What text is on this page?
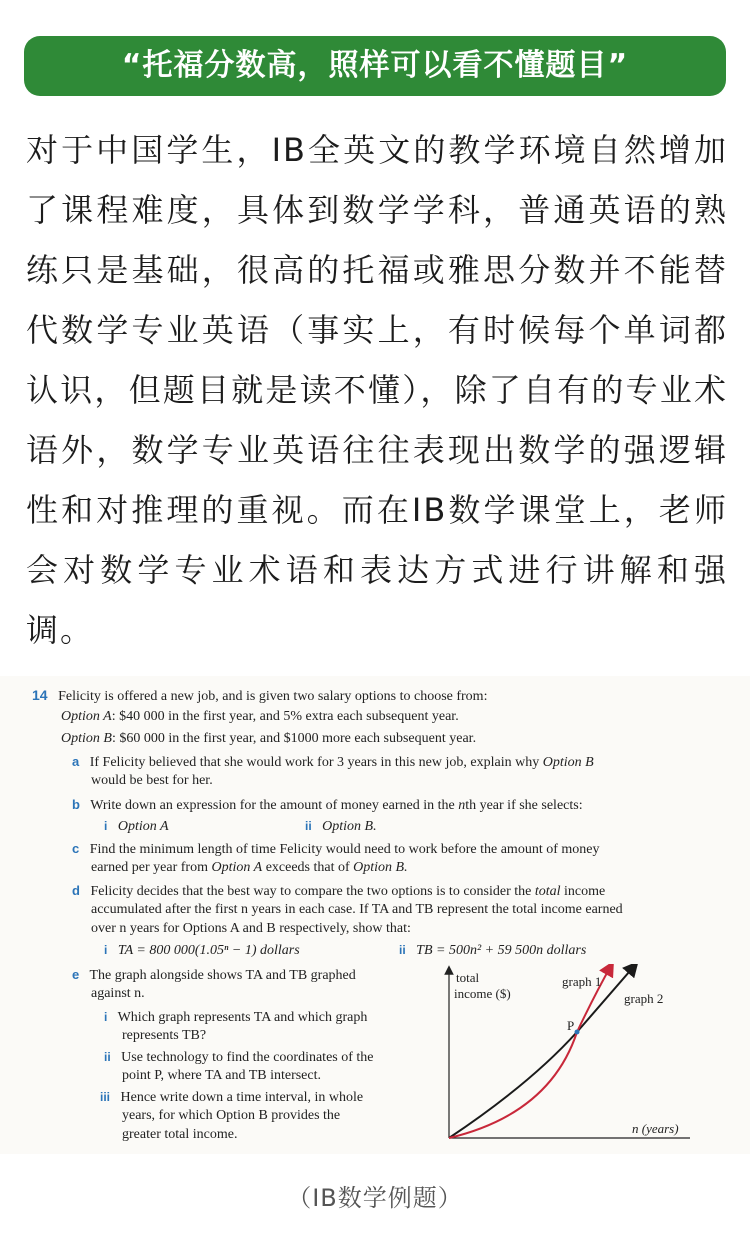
“托福分数高，照样可以看不懂题目”
对于中国学生，IB全英文的教学环境自然增加了课程难度，具体到数学学科，普通英语的熟练只是基础，很高的托福或雅思分数并不能替代数学专业英语（事实上，有时候每个单词都认识，但题目就是读不懂），除了自有的专业术语外，数学专业英语往往表现出数学的强逻辑性和对推理的重视。而在IB数学课堂上，老师会对数学专业术语和表达方式进行讲解和强调。
14 Felicity is offered a new job, and is given two salary options to choose from:
Option A: $40 000 in the first year, and 5% extra each subsequent year.
Option B: $60 000 in the first year, and $1000 more each subsequent year.
a If Felicity believed that she would work for 3 years in this new job, explain why Option B
would be best for her.
b Write down an expression for the amount of money earned in the nth year if she selects:
i Option A	ii Option B.
c Find the minimum length of time Felicity would need to work before the amount of money
earned per year from Option A exceeds that of Option B.
d Felicity decides that the best way to compare the two options is to consider the total income
accumulated after the first n years in each case. If TA and TB represent the total income earned
over n years for Options A and B respectively, show that:
i TA = 800 000(1.05ⁿ − 1) dollars	ii TB = 500n² + 59 500n dollars
e The graph alongside shows TA and TB graphed
against n.
i Which graph represents TA and which graph
represents TB?
ii Use technology to find the coordinates of the
point P, where TA and TB intersect.
iii Hence write down a time interval, in whole
years, for which Option B provides the
greater total income.
total
income ($)
graph 1
graph 2
P
n (years)
（IB数学例题）
